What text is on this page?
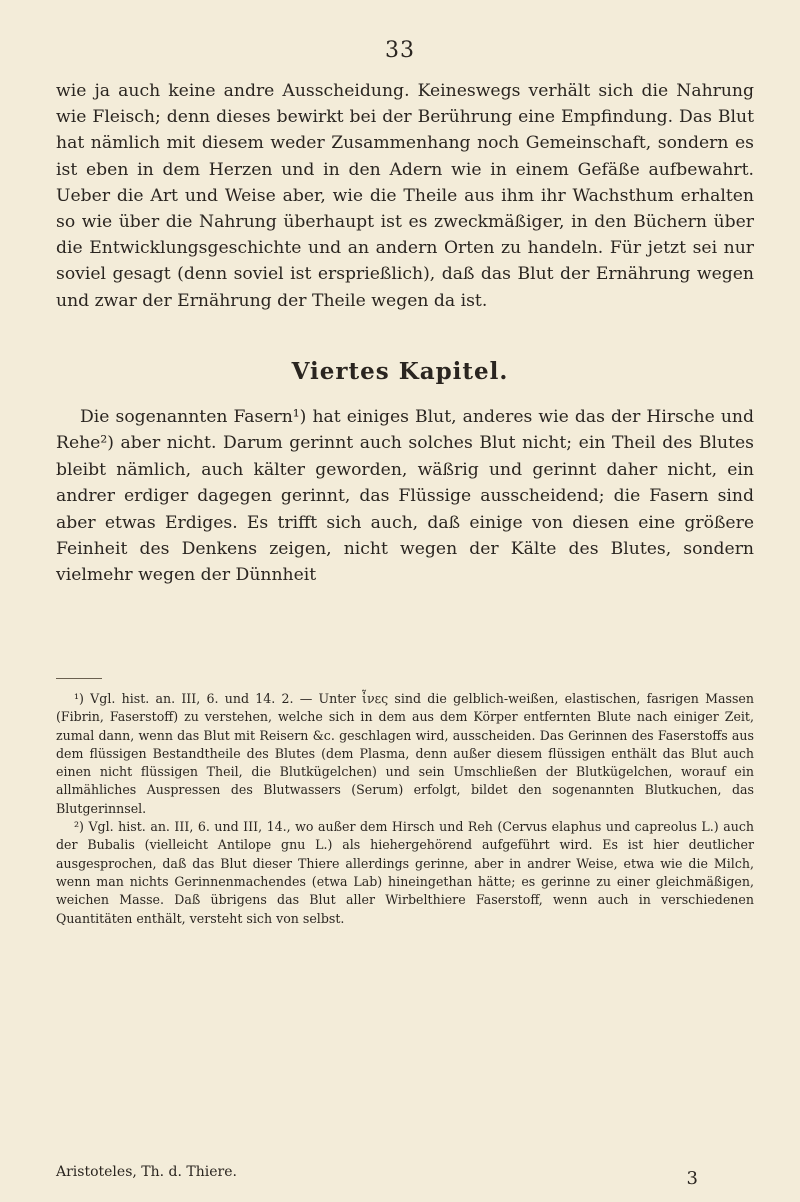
33

wie ja auch keine andre Ausscheidung. Keineswegs verhält sich die Nahrung wie Fleisch; denn dieses bewirkt bei der Berührung eine Empfindung. Das Blut hat nämlich mit diesem weder Zusammenhang noch Gemeinschaft, sondern es ist eben in dem Herzen und in den Adern wie in einem Gefäße aufbewahrt. Ueber die Art und Weise aber, wie die Theile aus ihm ihr Wachsthum erhalten so wie über die Nahrung überhaupt ist es zweckmäßiger, in den Büchern über die Entwicklungsgeschichte und an andern Orten zu handeln. Für jetzt sei nur soviel gesagt (denn soviel ist ersprießlich), daß das Blut der Ernährung wegen und zwar der Ernährung der Theile wegen da ist.

Viertes Kapitel.

Die sogenannten Fasern¹) hat einiges Blut, anderes wie das der Hirsche und Rehe²) aber nicht. Darum gerinnt auch solches Blut nicht; ein Theil des Blutes bleibt nämlich, auch kälter geworden, wäßrig und gerinnt daher nicht, ein andrer erdiger dagegen gerinnt, das Flüssige ausscheidend; die Fasern sind aber etwas Erdiges. Es trifft sich auch, daß einige von diesen eine größere Feinheit des Denkens zeigen, nicht wegen der Kälte des Blutes, sondern vielmehr wegen der Dünnheit

¹) Vgl. hist. an. III, 6. und 14. 2. — Unter ἶνες sind die gelblich-weißen, elastischen, fasrigen Massen (Fibrin, Faserstoff) zu verstehen, welche sich in dem aus dem Körper entfernten Blute nach einiger Zeit, zumal dann, wenn das Blut mit Reisern &c. geschlagen wird, ausscheiden. Das Gerinnen des Faserstoffs aus dem flüssigen Bestandtheile des Blutes (dem Plasma, denn außer diesem flüssigen enthält das Blut auch einen nicht flüssigen Theil, die Blutkügelchen) und sein Umschließen der Blutkügelchen, worauf ein allmähliches Auspressen des Blutwassers (Serum) erfolgt, bildet den sogenannten Blutkuchen, das Blutgerinnsel.

²) Vgl. hist. an. III, 6. und III, 14., wo außer dem Hirsch und Reh (Cervus elaphus und capreolus L.) auch der Bubalis (vielleicht Antilope gnu L.) als hiehergehörend aufgeführt wird. Es ist hier deutlicher ausgesprochen, daß das Blut dieser Thiere allerdings gerinne, aber in andrer Weise, etwa wie die Milch, wenn man nichts Gerinnenmachendes (etwa Lab) hineingethan hätte; es gerinne zu einer gleichmäßigen, weichen Masse. Daß übrigens das Blut aller Wirbelthiere Faserstoff, wenn auch in verschiedenen Quantitäten enthält, versteht sich von selbst.

Aristoteles, Th. d. Thiere.	3
